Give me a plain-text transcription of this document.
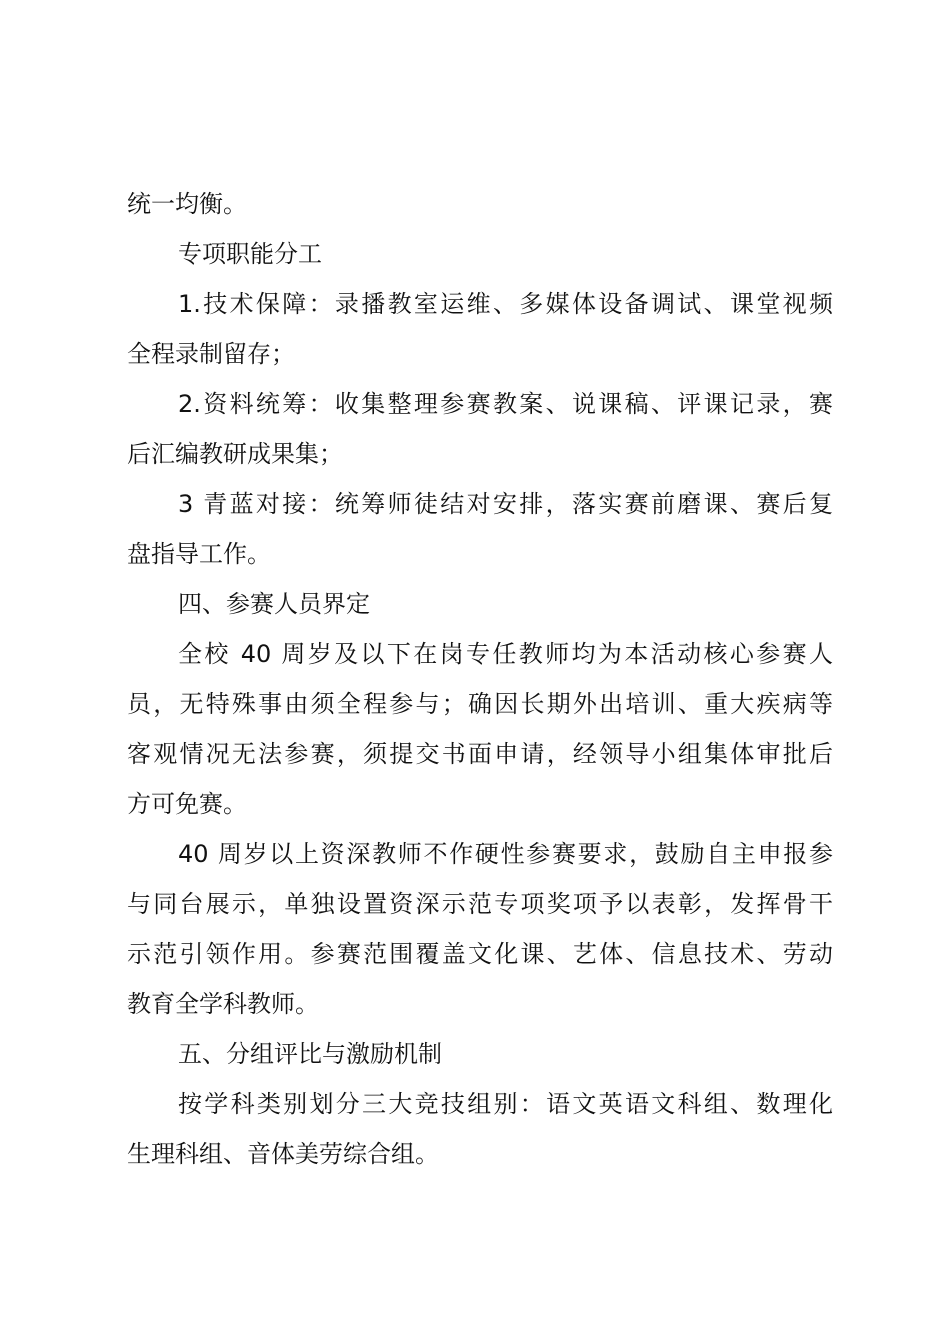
统一均衡。
专项职能分工
1.技术保障：录播教室运维、多媒体设备调试、课堂视频
全程录制留存；
2.资料统筹：收集整理参赛教案、说课稿、评课记录，赛
后汇编教研成果集；
3 青蓝对接：统筹师徒结对安排，落实赛前磨课、赛后复
盘指导工作。
四、参赛人员界定
全校 40 周岁及以下在岗专任教师均为本活动核心参赛人
员，无特殊事由须全程参与；确因长期外出培训、重大疾病等
客观情况无法参赛，须提交书面申请，经领导小组集体审批后
方可免赛。
40 周岁以上资深教师不作硬性参赛要求，鼓励自主申报参
与同台展示，单独设置资深示范专项奖项予以表彰，发挥骨干
示范引领作用。参赛范围覆盖文化课、艺体、信息技术、劳动
教育全学科教师。
五、分组评比与激励机制
按学科类别划分三大竞技组别：语文英语文科组、数理化
生理科组、音体美劳综合组。
